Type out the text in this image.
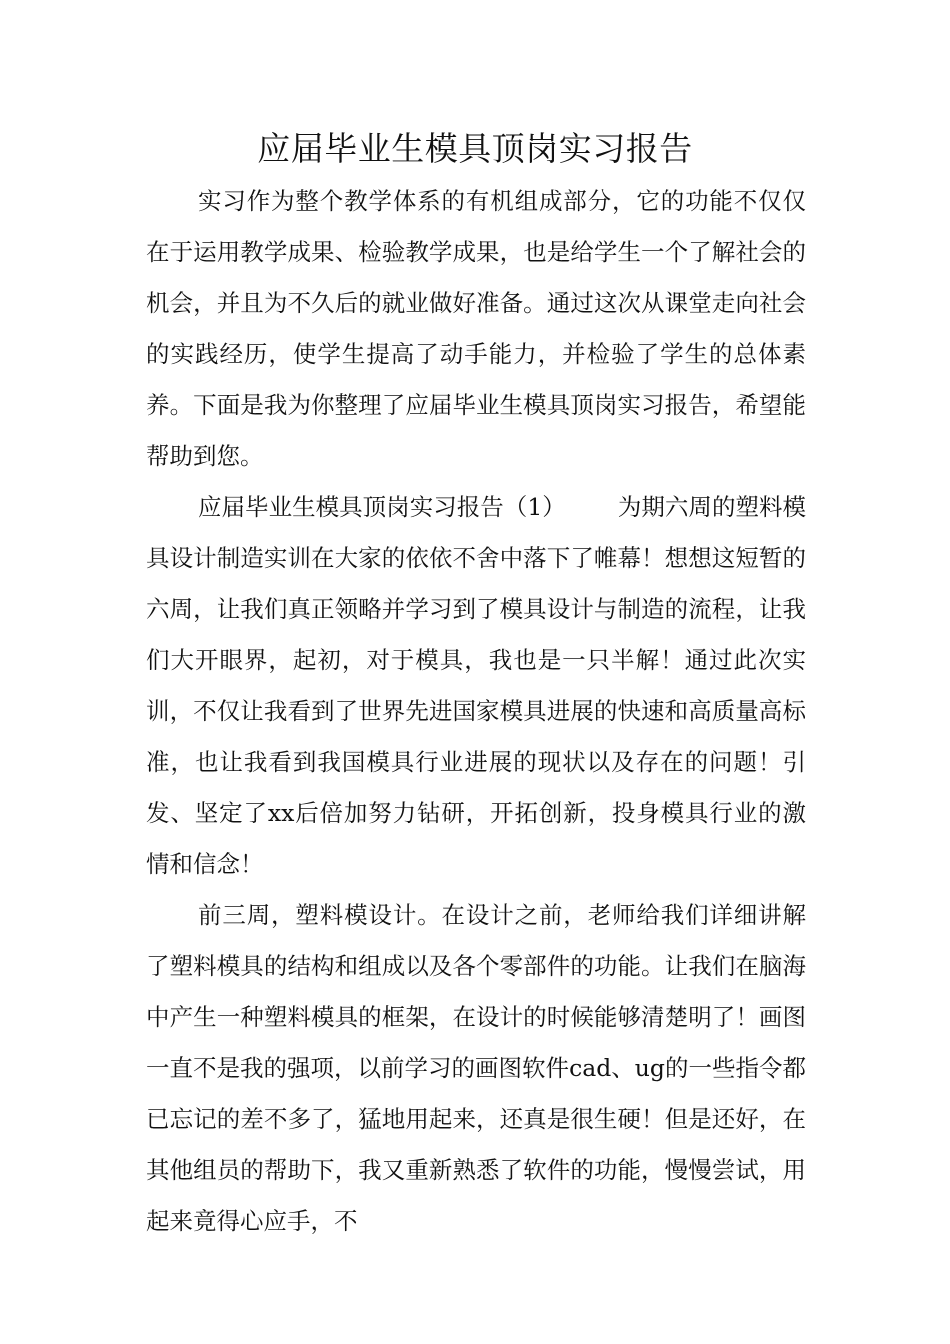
应届毕业生模具顶岗实习报告

实习作为整个教学体系的有机组成部分，它的功能不仅仅在于运用教学成果、检验教学成果，也是给学生一个了解社会的机会，并且为不久后的就业做好准备。通过这次从课堂走向社会的实践经历，使学生提高了动手能力，并检验了学生的总体素养。下面是我为你整理了应届毕业生模具顶岗实习报告，希望能帮助到您。

应届毕业生模具顶岗实习报告（1） 为期六周的塑料模具设计制造实训在大家的依依不舍中落下了帷幕！想想这短暂的六周，让我们真正领略并学习到了模具设计与制造的流程，让我们大开眼界，起初，对于模具，我也是一只半解！通过此次实训，不仅让我看到了世界先进国家模具进展的快速和高质量高标准，也让我看到我国模具行业进展的现状以及存在的问题！引发、坚定了xx后倍加努力钻研，开拓创新，投身模具行业的激情和信念！

前三周，塑料模设计。在设计之前，老师给我们详细讲解了塑料模具的结构和组成以及各个零部件的功能。让我们在脑海中产生一种塑料模具的框架，在设计的时候能够清楚明了！画图一直不是我的强项，以前学习的画图软件cad、ug的一些指令都已忘记的差不多了，猛地用起来，还真是很生硬！但是还好，在其他组员的帮助下，我又重新熟悉了软件的功能，慢慢尝试，用起来竟得心应手，不
